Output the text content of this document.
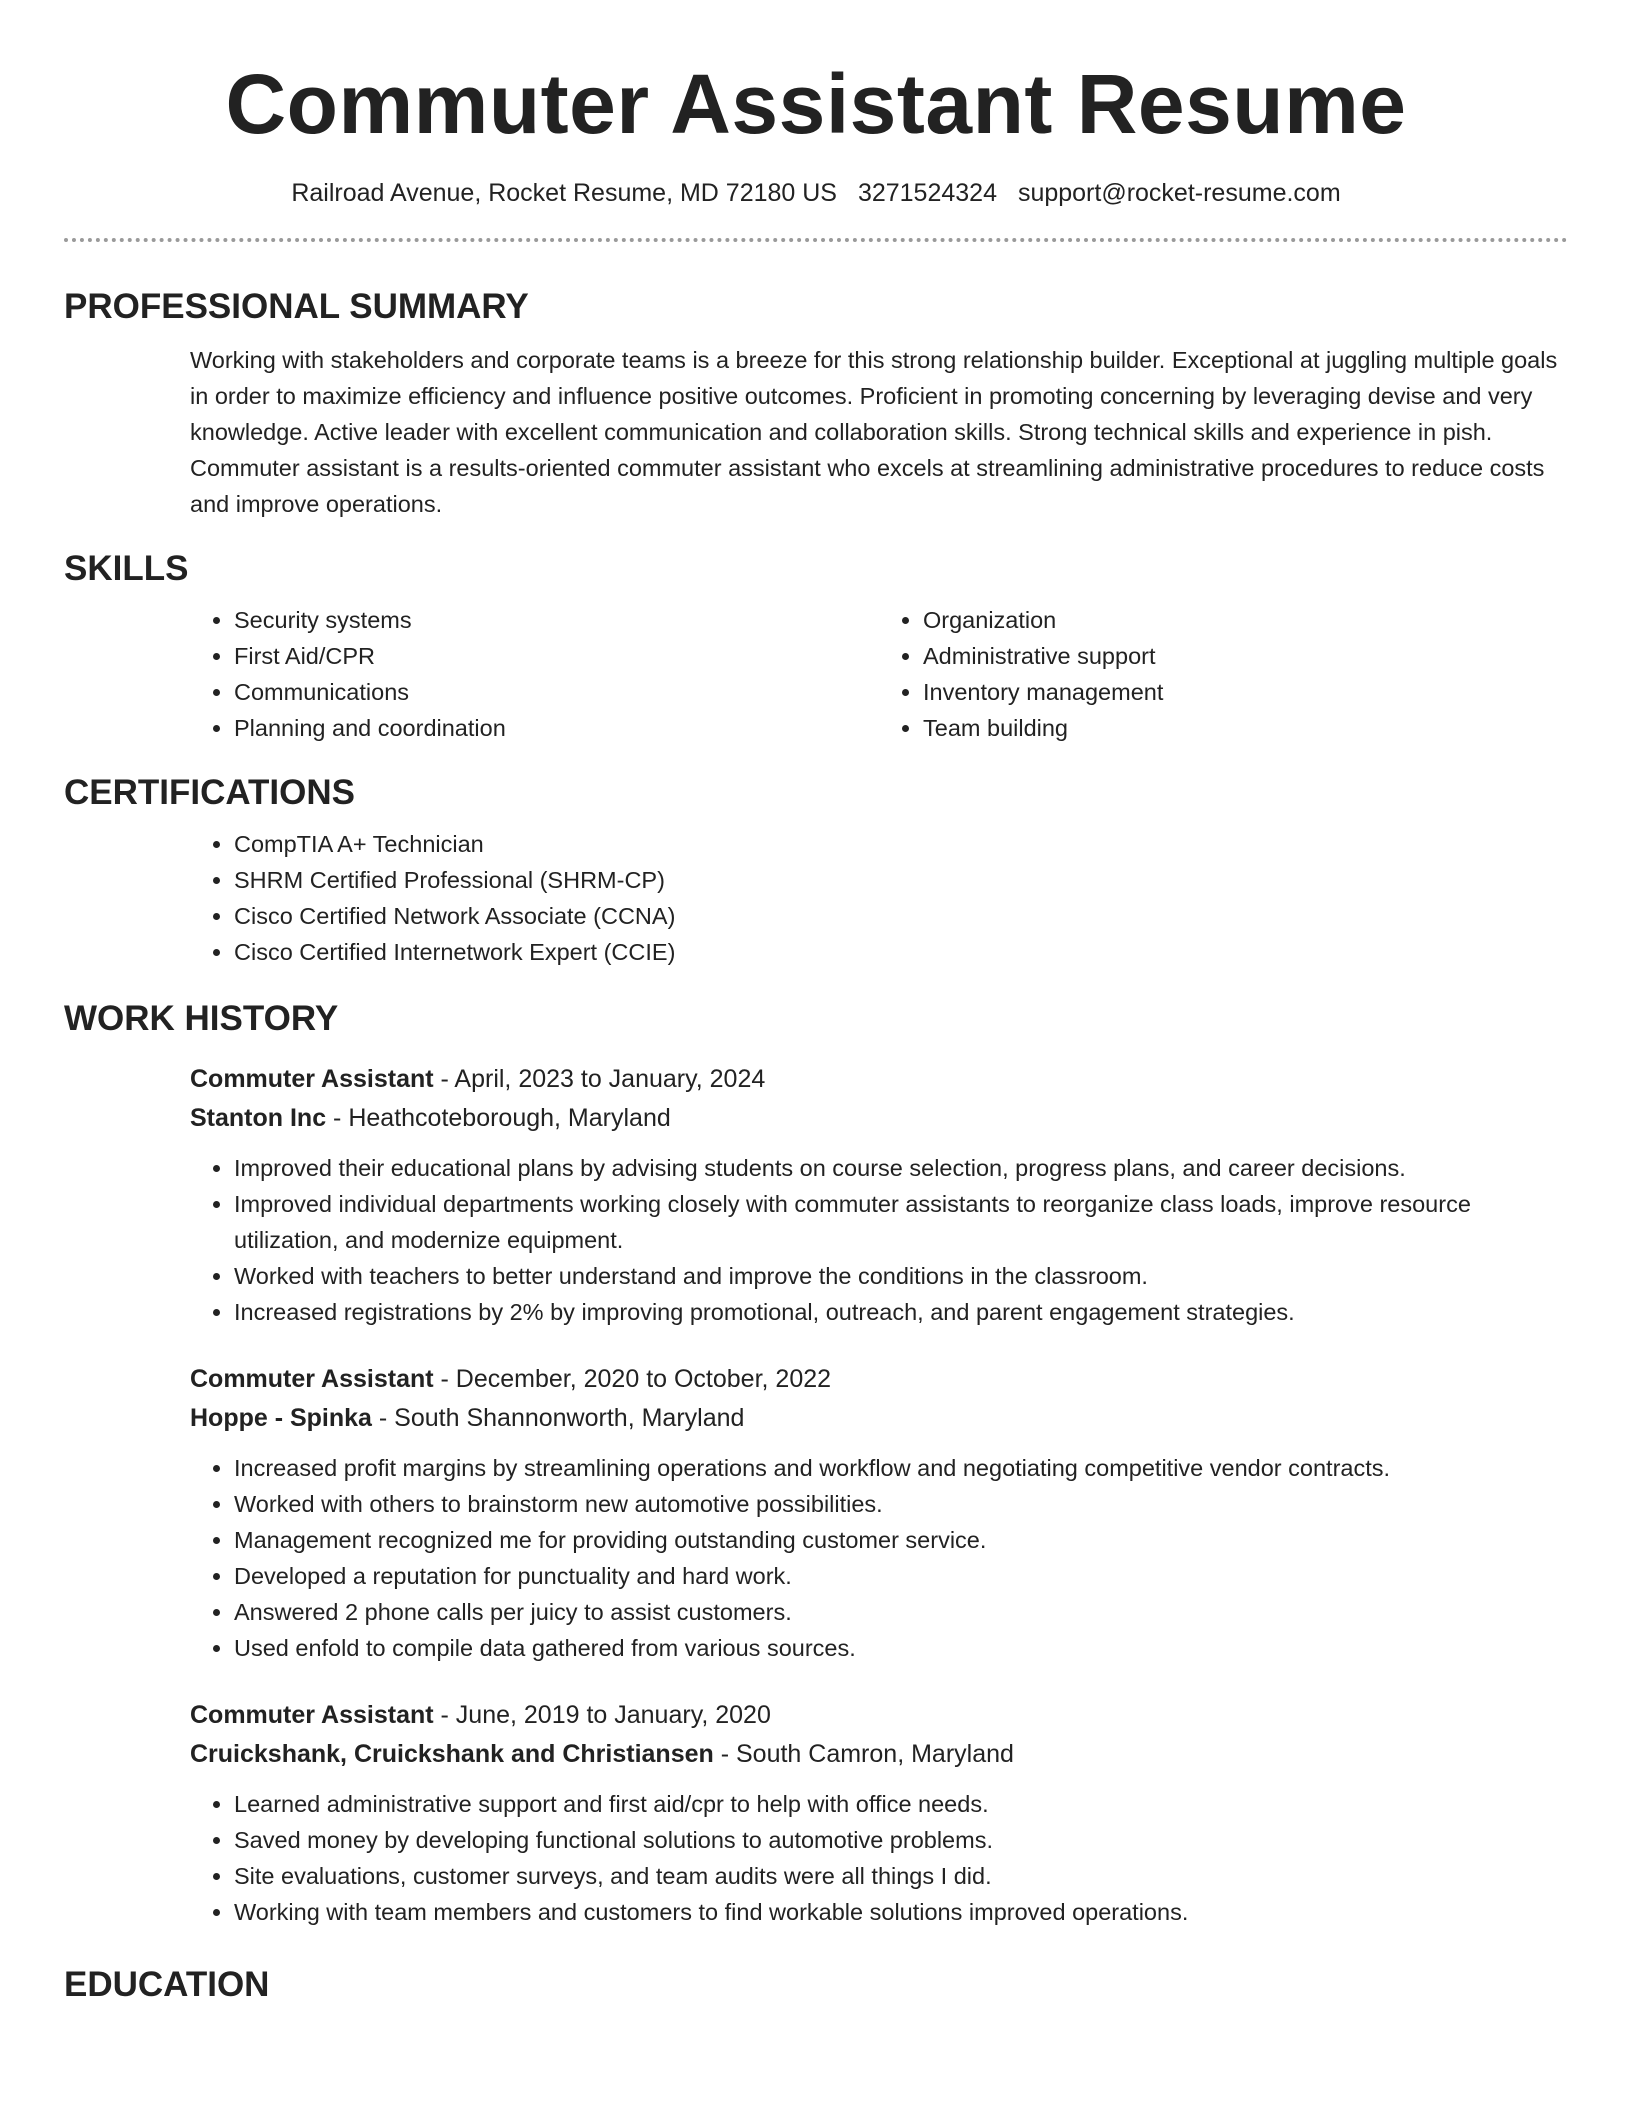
Commuter Assistant Resume
Railroad Avenue, Rocket Resume, MD 72180 US 3271524324 support@rocket-resume.com
PROFESSIONAL SUMMARY

Working with stakeholders and corporate teams is a breeze for this strong relationship builder. Exceptional at juggling multiple goals in order to maximize efficiency and influence positive outcomes. Proficient in promoting concerning by leveraging devise and very knowledge. Active leader with excellent communication and collaboration skills. Strong technical skills and experience in pish. Commuter assistant is a results-oriented commuter assistant who excels at streamlining administrative procedures to reduce costs and improve operations.

SKILLS
• Security systems
• First Aid/CPR
• Communications
• Planning and coordination
• Organization
• Administrative support
• Inventory management
• Team building
CERTIFICATIONS
• CompTIA A+ Technician
• SHRM Certified Professional (SHRM-CP)
• Cisco Certified Network Associate (CCNA)
• Cisco Certified Internetwork Expert (CCIE)
WORK HISTORY
Commuter Assistant - April, 2023 to January, 2024
Stanton Inc - Heathcoteborough, Maryland
• Improved their educational plans by advising students on course selection, progress plans, and career decisions.
• Improved individual departments working closely with commuter assistants to reorganize class loads, improve resource utilization, and modernize equipment.
• Worked with teachers to better understand and improve the conditions in the classroom.
• Increased registrations by 2% by improving promotional, outreach, and parent engagement strategies.
Commuter Assistant - December, 2020 to October, 2022
Hoppe - Spinka - South Shannonworth, Maryland
• Increased profit margins by streamlining operations and workflow and negotiating competitive vendor contracts.
• Worked with others to brainstorm new automotive possibilities.
• Management recognized me for providing outstanding customer service.
• Developed a reputation for punctuality and hard work.
• Answered 2 phone calls per juicy to assist customers.
• Used enfold to compile data gathered from various sources.
Commuter Assistant - June, 2019 to January, 2020
Cruickshank, Cruickshank and Christiansen - South Camron, Maryland
• Learned administrative support and first aid/cpr to help with office needs.
• Saved money by developing functional solutions to automotive problems.
• Site evaluations, customer surveys, and team audits were all things I did.
• Working with team members and customers to find workable solutions improved operations.
EDUCATION
